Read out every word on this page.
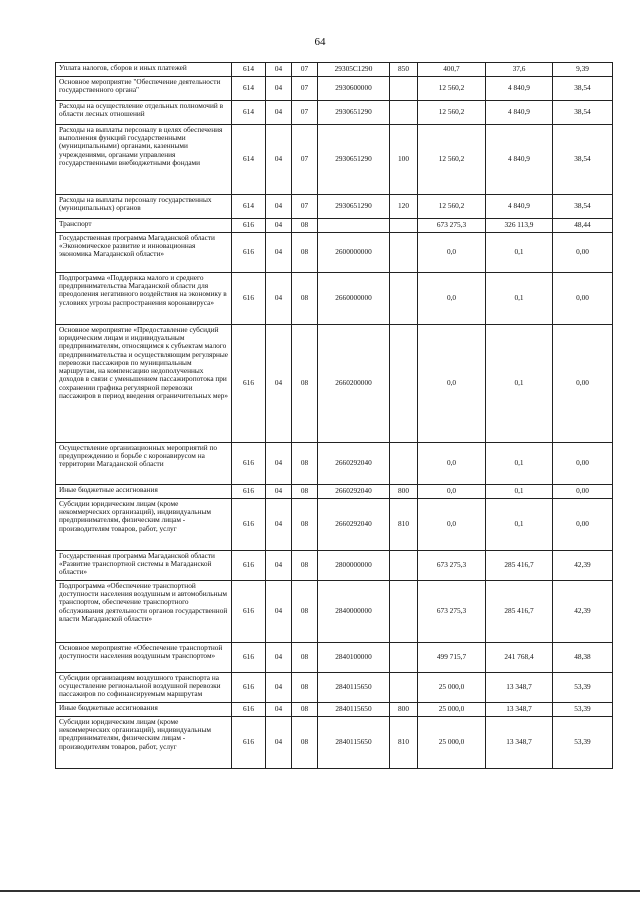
64
Уплата налогов, сборов и иных платежей	614	04	07	29305С1290	850	400,7	37,6	9,39
Основное мероприятие "Обеспечение деятельности государственного органа"	614	04	07	2930600000		12 560,2	4 840,9	38,54
Расходы на осуществление отдельных полномочий в области лесных отношений	614	04	07	2930651290		12 560,2	4 840,9	38,54
Расходы на выплаты персоналу в целях обеспечения выполнения функций государственными (муниципальными) органами, казенными учреждениями, органами управления государственными внебюджетными фондами	614	04	07	2930651290	100	12 560,2	4 840,9	38,54
Расходы на выплаты персоналу государственных (муниципальных) органов	614	04	07	2930651290	120	12 560,2	4 840,9	38,54
Транспорт	616	04	08			673 275,3	326 113,9	48,44
Государственная программа Магаданской области «Экономическое развитие и инновационная экономика Магаданской области»	616	04	08	2600000000		0,0	0,1	0,00
Подпрограмма «Поддержка малого и среднего предпринимательства Магаданской области для преодоления негативного воздействия на экономику в условиях угрозы распространения коронавируса»	616	04	08	2660000000		0,0	0,1	0,00
Основное мероприятие «Предоставление субсидий юридическим лицам и индивидуальным предпринимателям, относящимся к субъектам малого предпринимательства и осуществляющим регулярные перевозки пассажиров по муниципальным маршрутам, на компенсацию недополученных доходов в связи с уменьшением пассажиропотока при сохранении графика регулярной перевозки пассажиров в период введения ограничительных мер»	616	04	08	2660200000		0,0	0,1	0,00
Осуществление организационных мероприятий по предупреждению и борьбе с коронавирусом на территории Магаданской области	616	04	08	2660292040		0,0	0,1	0,00
Иные бюджетные ассигнования	616	04	08	2660292040	800	0,0	0,1	0,00
Субсидии юридическим лицам (кроме некоммерческих организаций), индивидуальным предпринимателям, физическим лицам - производителям товаров, работ, услуг	616	04	08	2660292040	810	0,0	0,1	0,00
Государственная программа Магаданской области «Развитие транспортной системы в Магаданской области»	616	04	08	2800000000		673 275,3	285 416,7	42,39
Подпрограмма «Обеспечение транспортной доступности населения воздушным и автомобильным транспортом, обеспечение транспортного обслуживания деятельности органов государственной власти Магаданской области»	616	04	08	2840000000		673 275,3	285 416,7	42,39
Основное мероприятие «Обеспечение транспортной доступности населения воздушным транспортом»	616	04	08	2840100000		499 715,7	241 768,4	48,38
Субсидии организациям воздушного транспорта на осуществление региональной воздушной перевозки пассажиров по софинансируемым маршрутам	616	04	08	2840115650		25 000,0	13 348,7	53,39
Иные бюджетные ассигнования	616	04	08	2840115650	800	25 000,0	13 348,7	53,39
Субсидии юридическим лицам (кроме некоммерческих организаций), индивидуальным предпринимателям, физическим лицам - производителям товаров, работ, услуг	616	04	08	2840115650	810	25 000,0	13 348,7	53,39
